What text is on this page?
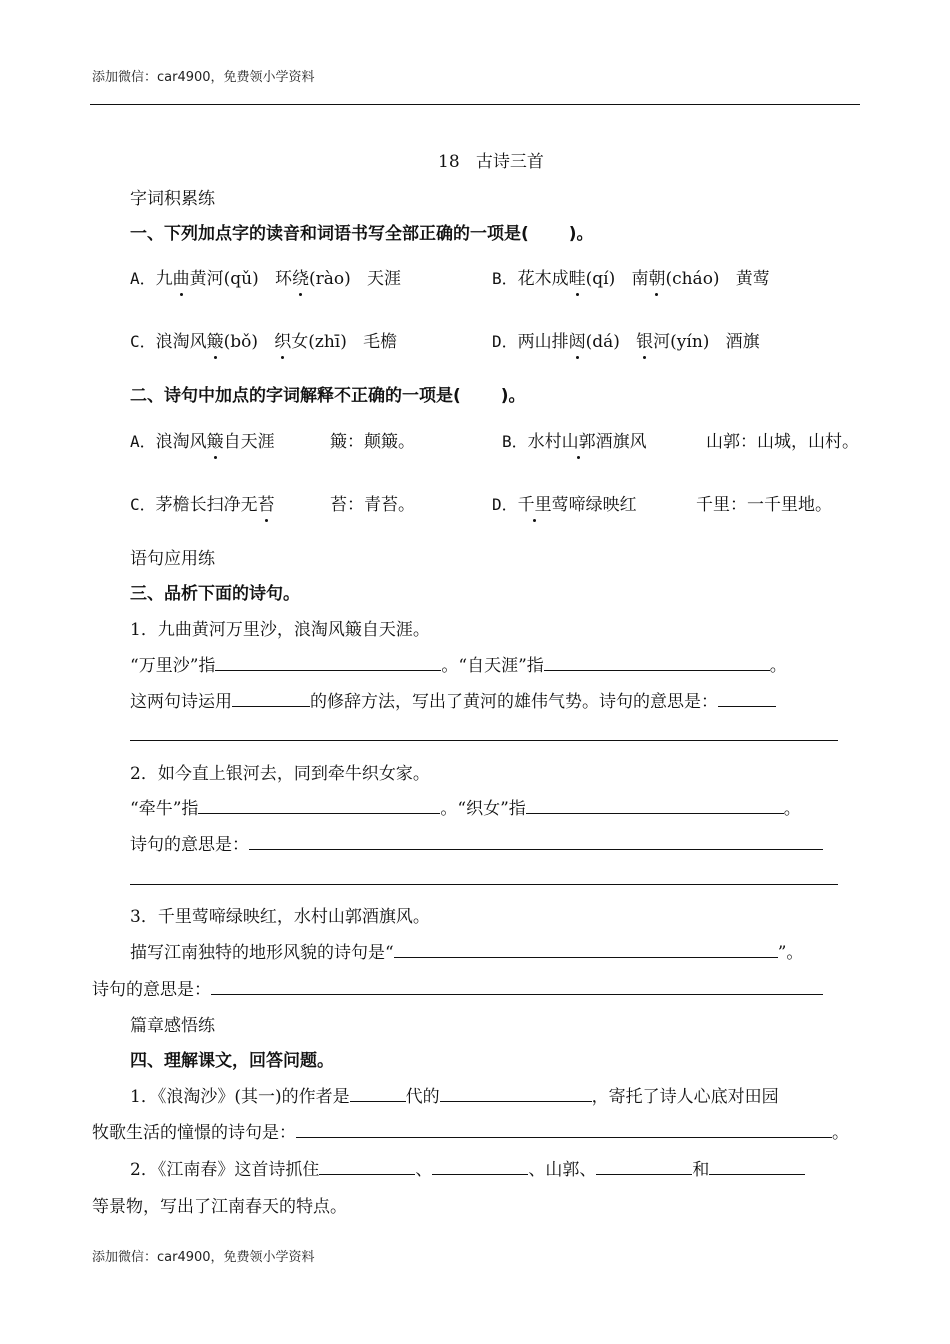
添加微信：car4900，免费领小学资料
18 古诗三首
字词积累练
一、下列加点字的读音和词语书写全部正确的一项是( )。
A．九曲黄河(qǔ) 环绕(rào) 天涯	B．花木成畦(qí) 南朝(cháo) 黄莺
C．浪淘风簸(bǒ) 织女(zhī) 毛檐	D．两山排闼(dá) 银河(yín) 酒旗
二、诗句中加点的字词解释不正确的一项是( )。
A．浪淘风簸自天涯	簸：颠簸。	B．水村山郭酒旗风	山郭：山城，山村。
C．茅檐长扫净无苔	苔：青苔。	D．千里莺啼绿映红	千里：一千里地。
语句应用练
三、品析下面的诗句。
1．九曲黄河万里沙，浪淘风簸自天涯。
“万里沙”指	。“自天涯”指	。
这两句诗运用	的修辞方法，写出了黄河的雄伟气势。诗句的意思是：
2．如今直上银河去，同到牵牛织女家。
“牵牛”指	。“织女”指	。
诗句的意思是：
3．千里莺啼绿映红，水村山郭酒旗风。
描写江南独特的地形风貌的诗句是“	”。
诗句的意思是：
篇章感悟练
四、理解课文，回答问题。
1．《浪淘沙》(其一)的作者是	代的	，寄托了诗人心底对田园
牧歌生活的憧憬的诗句是：	。
2．《江南春》这首诗抓住	、	、山郭、	和
等景物，写出了江南春天的特点。
添加微信：car4900，免费领小学资料
